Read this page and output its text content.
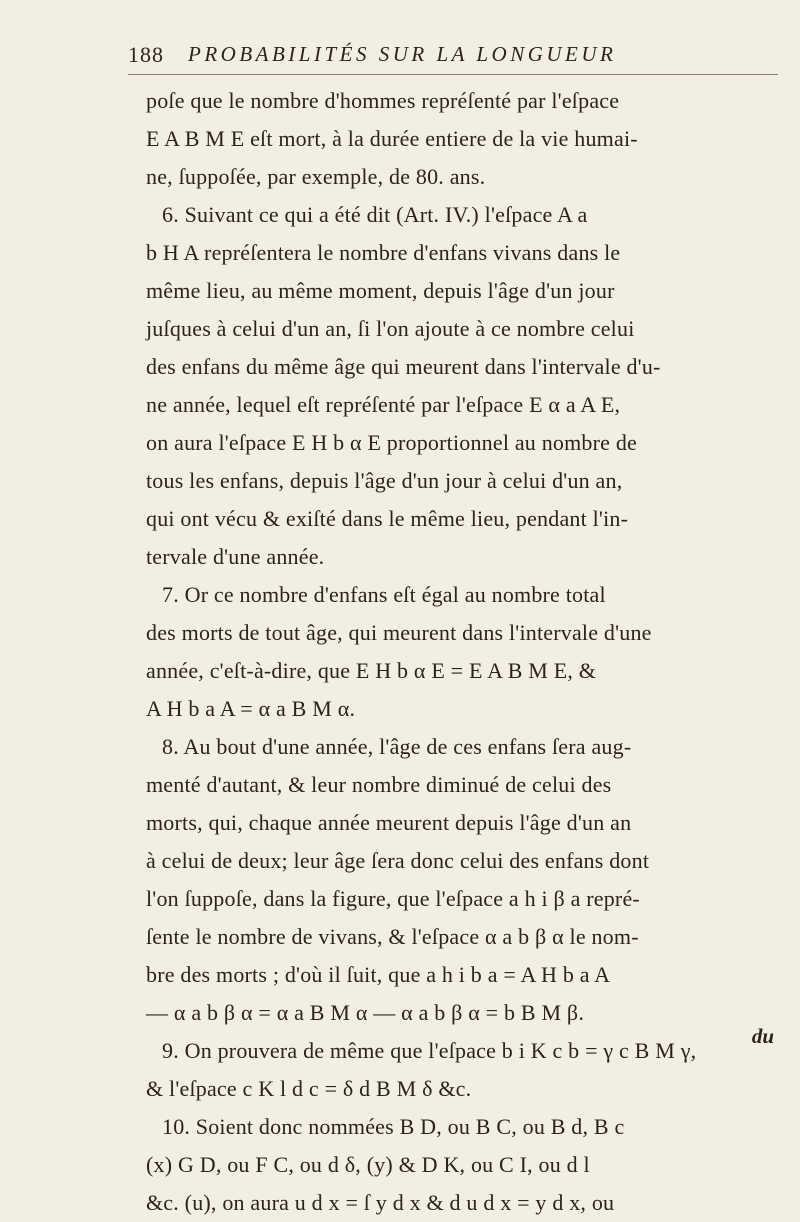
188 PROBABILITÉS SUR LA LONGUEUR
poſe que le nombre d'hommes repréſenté par l'eſpace
E A B M E eſt mort, à la durée entiere de la vie humai-
ne, ſuppoſée, par exemple, de 80. ans.
6. Suivant ce qui a été dit (Art. IV.) l'eſpace A a
b H A repréſentera le nombre d'enfans vivans dans le
même lieu, au même moment, depuis l'âge d'un jour
juſques à celui d'un an, ſi l'on ajoute à ce nombre celui
des enfans du même âge qui meurent dans l'intervale d'u-
ne année, lequel eſt repréſenté par l'eſpace E α a A E,
on aura l'eſpace E H b α E proportionnel au nombre de
tous les enfans, depuis l'âge d'un jour à celui d'un an,
qui ont vécu & exiſté dans le même lieu, pendant l'in-
tervale d'une année.
7. Or ce nombre d'enfans eſt égal au nombre total
des morts de tout âge, qui meurent dans l'intervale d'une
année, c'eſt-à-dire, que E H b α E = E A B M E, &
A H b a A = α a B M α.
8. Au bout d'une année, l'âge de ces enfans ſera aug-
menté d'autant, & leur nombre diminué de celui des
morts, qui, chaque année meurent depuis l'âge d'un an
à celui de deux; leur âge ſera donc celui des enfans dont
l'on ſuppoſe, dans la figure, que l'eſpace a h i β a repré-
ſente le nombre de vivans, & l'eſpace α a b β α le nom-
bre des morts ; d'où il ſuit, que a h i b a = A H b a A
— α a b β α = α a B M α — α a b β α = b B M β.
9. On prouvera de même que l'eſpace b i K c b = γ c B M γ,
& l'eſpace c K l d c = δ d B M δ &c.
10. Soient donc nommées B D, ou B C, ou B d, B c
(x) G D, ou F C, ou d δ, (y) & D K, ou C I, ou d l
&c. (u), on aura u d x = ſ y d x & d u d x = y d x, ou
du
